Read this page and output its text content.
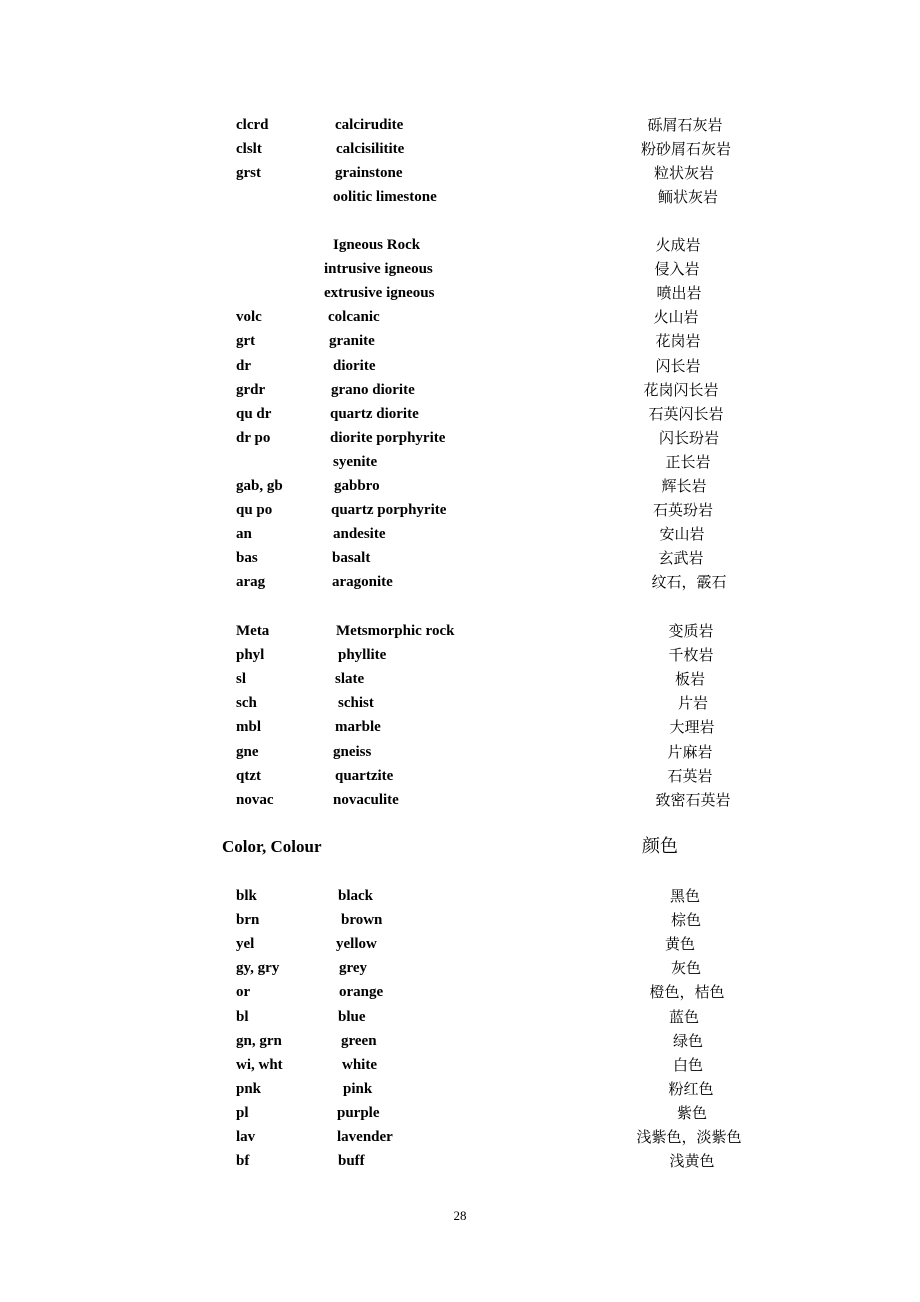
clcrd	calcirudite	砾屑石灰岩
clslt	calcisilitite	粉砂屑石灰岩
grst	grainstone	粒状灰岩
oolitic limestone	鲕状灰岩
Igneous Rock	火成岩
intrusive igneous	侵入岩
extrusive igneous	喷出岩
volc	colcanic	火山岩
grt	granite	花岗岩
dr	diorite	闪长岩
grdr	grano diorite	花岗闪长岩
qu dr	quartz diorite	石英闪长岩
dr po	diorite porphyrite	闪长玢岩
syenite	正长岩
gab, gb	gabbro	辉长岩
qu po	quartz porphyrite	石英玢岩
an	andesite	安山岩
bas	basalt	玄武岩
arag	aragonite	纹石，霰石
Meta	Metsmorphic rock	变质岩
phyl	phyllite	千枚岩
sl	slate	板岩
sch	schist	片岩
mbl	marble	大理岩
gne	gneiss	片麻岩
qtzt	quartzite	石英岩
novac	novaculite	致密石英岩
blk	black	黑色
brn	brown	棕色
yel	yellow	黄色
gy, gry	grey	灰色
or	orange	橙色，桔色
bl	blue	蓝色
gn, grn	green	绿色
wi, wht	white	白色
pnk	pink	粉红色
pl	purple	紫色
lav	lavender	浅紫色，淡紫色
bf	buff	浅黄色
Color, Colour	颜色
28
